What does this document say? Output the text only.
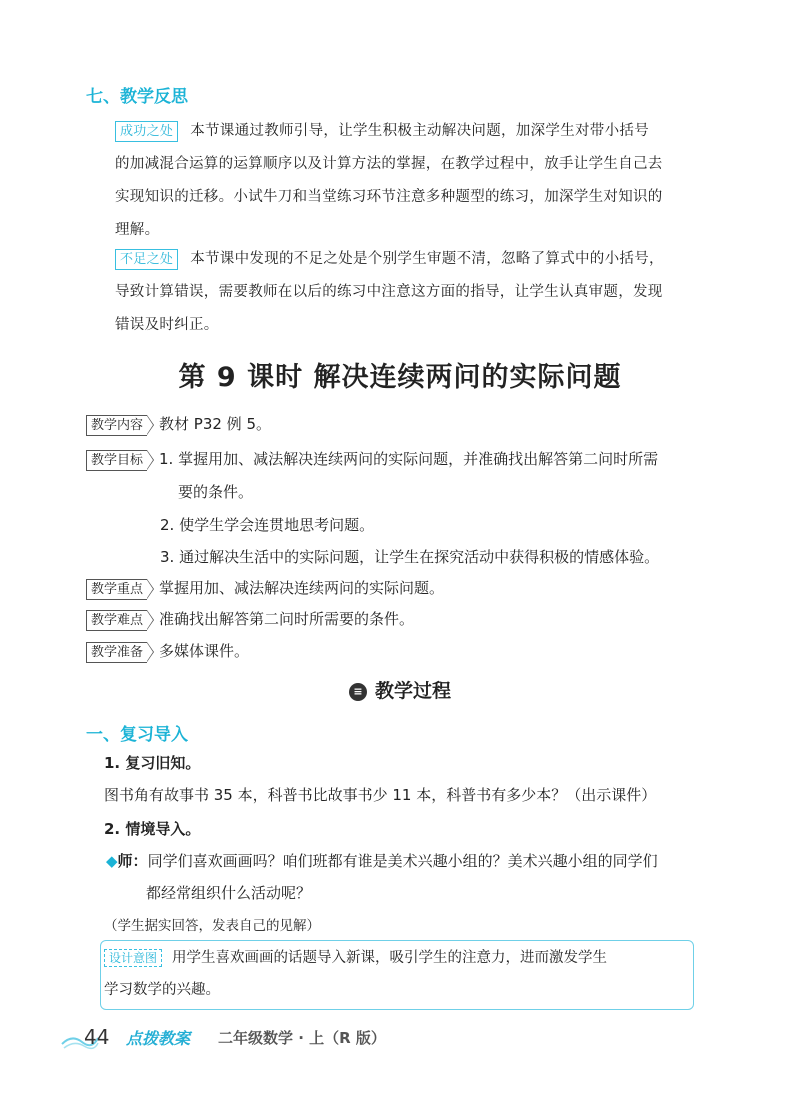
七、教学反思
成功之处 本节课通过教师引导，让学生积极主动解决问题，加深学生对带小括号
的加减混合运算的运算顺序以及计算方法的掌握，在教学过程中，放手让学生自己去
实现知识的迁移。小试牛刀和当堂练习环节注意多种题型的练习，加深学生对知识的
理解。
不足之处 本节课中发现的不足之处是个别学生审题不清，忽略了算式中的小括号，
导致计算错误，需要教师在以后的练习中注意这方面的指导，让学生认真审题，发现
错误及时纠正。
第 9 课时 解决连续两问的实际问题
教学内容 教材 P32 例 5。
教学目标 1. 掌握用加、减法解决连续两问的实际问题，并准确找出解答第二问时所需
要的条件。
2. 使学生学会连贯地思考问题。
3. 通过解决生活中的实际问题，让学生在探究活动中获得积极的情感体验。
教学重点 掌握用加、减法解决连续两问的实际问题。
教学难点 准确找出解答第二问时所需要的条件。
教学准备 多媒体课件。
≡ 教学过程
一、复习导入
1. 复习旧知。
图书角有故事书 35 本，科普书比故事书少 11 本，科普书有多少本？（出示课件）
2. 情境导入。
◆师：同学们喜欢画画吗？咱们班都有谁是美术兴趣小组的？美术兴趣小组的同学们
都经常组织什么活动呢？
（学生据实回答，发表自己的见解）
设计意图 用学生喜欢画画的话题导入新课，吸引学生的注意力，进而激发学生
学习数学的兴趣。
44 点拨教案 二年级数学 · 上（R 版）
